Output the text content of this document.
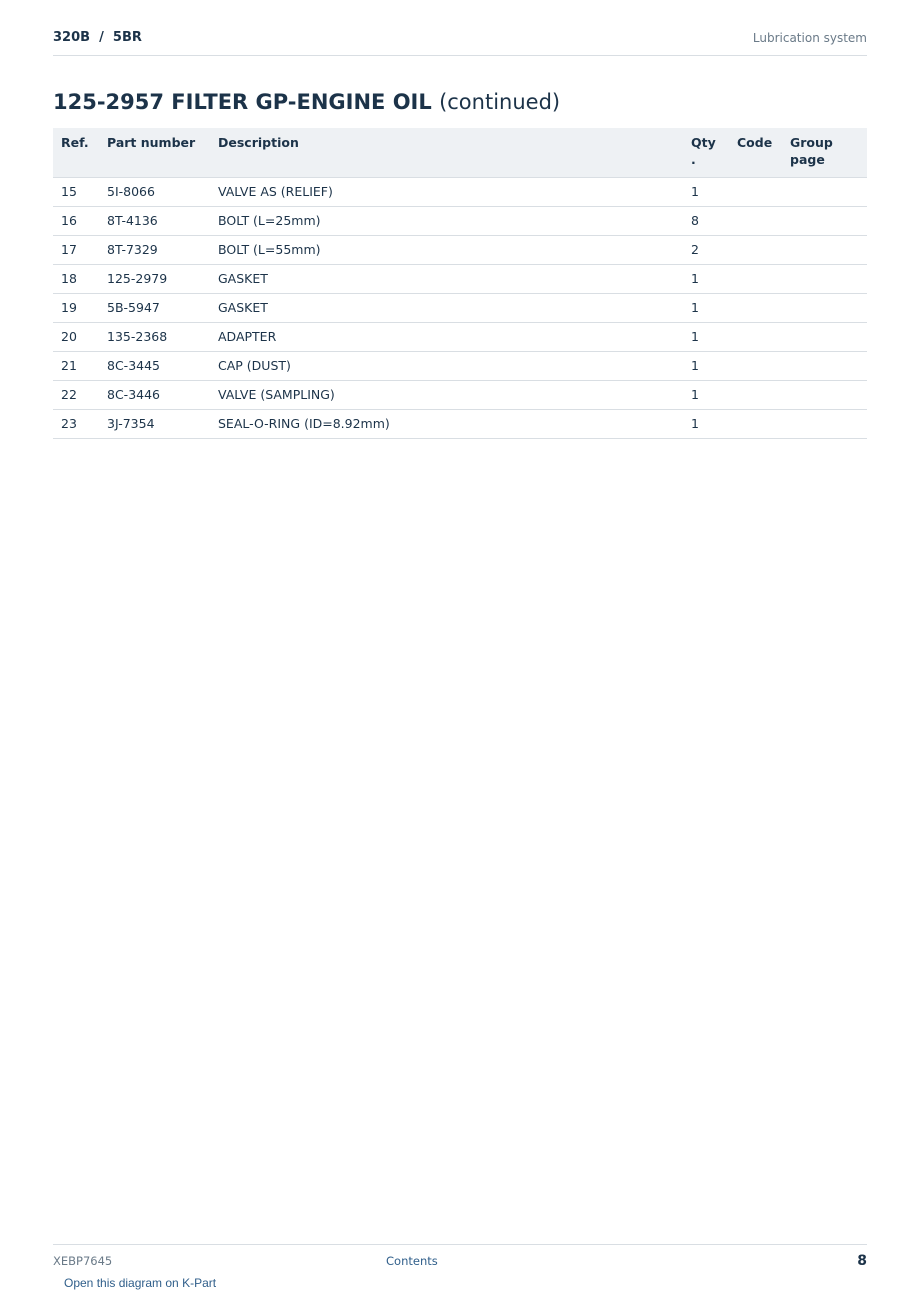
320B  /  5BR	Lubrication system
125-2957 FILTER GP-ENGINE OIL (continued)
Ref.	Part number	Description	Qty .	Code	Group page
15	5I-8066	VALVE AS (RELIEF)	1		
16	8T-4136	BOLT (L=25mm)	8		
17	8T-7329	BOLT (L=55mm)	2		
18	125-2979	GASKET	1		
19	5B-5947	GASKET	1		
20	135-2368	ADAPTER	1		
21	8C-3445	CAP (DUST)	1		
22	8C-3446	VALVE (SAMPLING)	1		
23	3J-7354	SEAL-O-RING (ID=8.92mm)	1		
XEBP7645	Contents	8
Open this diagram on K-Part
